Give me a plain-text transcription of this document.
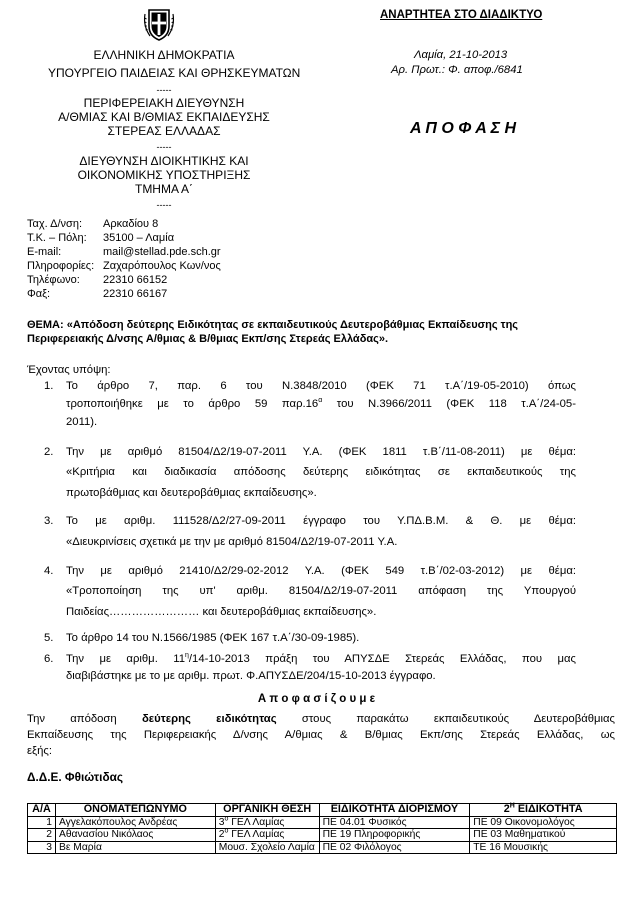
ΕΛΛΗΝΙΚΗ ΔΗΜΟΚΡΑΤΙΑ
ΥΠΟΥΡΓΕΙΟ ΠΑΙΔΕΙΑΣ ΚΑΙ ΘΡΗΣΚΕΥΜΑΤΩΝ
-----
ΠΕΡΙΦΕΡΕΙΑΚΗ ΔΙΕΥΘΥΝΣΗ
Α/ΘΜΙΑΣ ΚΑΙ Β/ΘΜΙΑΣ ΕΚΠΑΙΔΕΥΣΗΣ
ΣΤΕΡΕΑΣ ΕΛΛΑΔΑΣ
-----
ΔΙΕΥΘΥΝΣΗ ΔΙΟΙΚΗΤΙΚΗΣ ΚΑΙ
ΟΙΚΟΝΟΜΙΚΗΣ ΥΠΟΣΤΗΡΙΞΗΣ
ΤΜΗΜΑ Α΄
-----
ΑΝΑΡΤΗΤΕΑ ΣΤΟ ΔΙΑΔΙΚΤΥΟ
Λαμία, 21-10-2013
Αρ. Πρωτ.: Φ. αποφ./6841
Α Π Ο Φ Α Σ Η
Ταχ. Δ/νση: Αρκαδίου 8
Τ.Κ. – Πόλη: 35100 – Λαμία
E-mail:	mail@stellad.pde.sch.gr
Πληροφορίες: Ζαχαρόπουλος Κων/νος
Τηλέφωνο: 22310 66152
Φαξ:	22310 66167
ΘΕΜΑ: «Απόδοση δεύτερης Ειδικότητας σε εκπαιδευτικούς Δευτεροβάθμιας Εκπαίδευσης της
Περιφερειακής Δ/νσης Α/θμιας & Β/θμιας Εκπ/σης Στερεάς Ελλάδας».
Έχοντας υπόψη:
1. Το άρθρο 7, παρ. 6 του Ν.3848/2010 (ΦΕΚ 71 τ.Α΄/19-05-2010) όπως
τροποποιήθηκε με το άρθρο 59 $\pi\alpha\rho.16^\alpha$ του Ν.3966/2011 (ΦΕΚ 118 τ.Α΄/24-05-
2011).
2. Την με αριθμό 81504/Δ2/19-07-2011 Υ.Α. (ΦΕΚ 1811 τ.Β΄/11-08-2011) με θέμα:
«Κριτήρια και διαδικασία απόδοσης δεύτερης ειδικότητας σε εκπαιδευτικούς της
πρωτοβάθμιας και δευτεροβάθμιας εκπαίδευσης».
3. Το με αριθμ. 111528/Δ2/27-09-2011 έγγραφο του Υ.ΠΔ.Β.Μ. & Θ. με θέμα:
«Διευκρινίσεις σχετικά με την με αριθμό 81504/Δ2/19-07-2011 Υ.Α.
4. Την με αριθμό 21410/Δ2/29-02-2012 Υ.Α. (ΦΕΚ 549 τ.Β΄/02-03-2012) με θέμα:
«Τροποποίηση της υπ' αριθμ. 81504/Δ2/19-07-2011 απόφαση της Υπουργού
Παιδείας…………………… και δευτεροβάθμιας εκπαίδευσης».
5. Το άρθρο 14 του Ν.1566/1985 (ΦΕΚ 167 τ.Α΄/30-09-1985).
6. Την με αριθμ. $11^\eta/14-10-2013$ πράξη του ΑΠΥΣΔΕ Στερεάς Ελλάδας, που μας
διαβιβάστηκε με το με αριθμ. πρωτ. Φ.ΑΠΥΣΔΕ/204/15-10-2013 έγγραφο.
Α π ο φ α σ ί ζ ο υ μ ε
Την απόδοση δεύτερης ειδικότητας στους παρακάτω εκπαιδευτικούς Δευτεροβάθμιας
Εκπαίδευσης της Περιφερειακής Δ/νσης Α/θμιας & Β/θμιας Εκπ/σης Στερεάς Ελλάδας, ως
εξής:
Δ.Δ.Ε. Φθιώτιδας
Α/Α	ΟΝΟΜΑΤΕΠΩΝΥΜΟ	ΟΡΓΑΝΙΚΗ ΘΕΣΗ	ΕΙΔΙΚΟΤΗΤΑ ΔΙΟΡΙΣΜΟΥ	$2^H$ ΕΙΔΙΚΟΤΗΤΑ
1	Αγγελακόπουλος Ανδρέας	$3^o$ ΓΕΛ Λαμίας	ΠΕ 04.01 Φυσικός	ΠΕ 09 Οικονομολόγος
2	Αθανασίου Νικόλαος	$2^o$ ΓΕΛ Λαμίας	ΠΕ 19 Πληροφορικής	ΠΕ 03 Μαθηματικού
3	Βε Μαρία	Μουσ. Σχολείο Λαμία	ΠΕ 02 Φιλόλογος	ΤΕ 16 Μουσικής
